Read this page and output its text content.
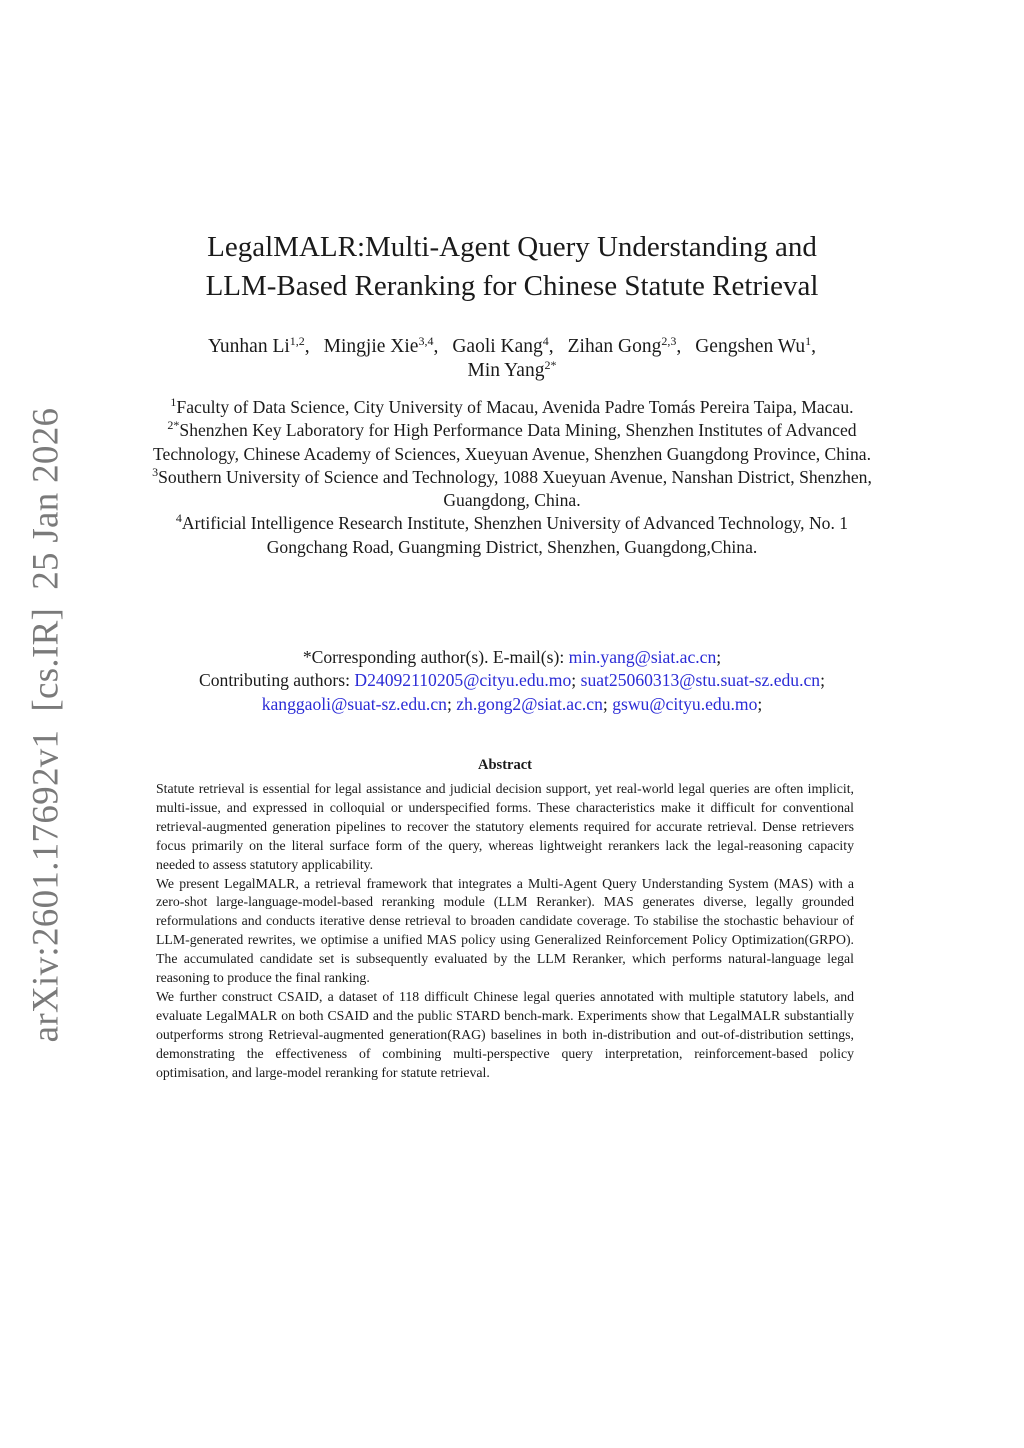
arXiv:2601.17692v1[cs.IR]25 Jan 2026
LegalMALR:Multi-Agent Query Understanding and
LLM-Based Reranking for Chinese Statute Retrieval
Yunhan Li$^{1,2}$, Mingjie Xie$^{3,4}$, Gaoli Kang$^4$, Zihan Gong$^{2,3}$, Gengshen Wu$^1$,
Min Yang$^{2*}$

$^1$Faculty of Data Science, City University of Macau, Avenida Padre Tomás Pereira Taipa, Macau.

$^{2*}$Shenzhen Key Laboratory for High Performance Data Mining, Shenzhen Institutes of Advanced Technology, Chinese Academy of Sciences, Xueyuan Avenue, Shenzhen Guangdong Province, China.

$^3$Southern University of Science and Technology, 1088 Xueyuan Avenue, Nanshan District, Shenzhen, Guangdong, China.

$^4$Artificial Intelligence Research Institute, Shenzhen University of Advanced Technology, No. 1 Gongchang Road, Guangming District, Shenzhen, Guangdong,China.

*Corresponding author(s). E-mail(s): min.yang@siat.ac.cn;
Contributing authors: D24092110205@cityu.edu.mo; suat25060313@stu.suat-sz.edu.cn;
kanggaoli@suat-sz.edu.cn; zh.gong2@siat.ac.cn; gswu@cityu.edu.mo;
Abstract

Statute retrieval is essential for legal assistance and judicial decision support, yet real-world legal queries are often implicit, multi-issue, and expressed in colloquial or underspecified forms. These characteristics make it difficult for conventional retrieval-augmented generation pipelines to recover the statutory elements required for accurate retrieval. Dense retrievers focus primarily on the literal surface form of the query, whereas lightweight rerankers lack the legal-reasoning capacity needed to assess statutory applicability.

We present LegalMALR, a retrieval framework that integrates a Multi-Agent Query Understanding System (MAS) with a zero-shot large-language-model-based reranking module (LLM Reranker). MAS generates diverse, legally grounded reformulations and conducts iterative dense retrieval to broaden candidate coverage. To stabilise the stochastic behaviour of LLM-generated rewrites, we optimise a unified MAS policy using Generalized Reinforcement Policy Optimization(GRPO). The accumulated candidate set is subsequently evaluated by the LLM Reranker, which performs natural-language legal reasoning to produce the final ranking.

We further construct CSAID, a dataset of 118 difficult Chinese legal queries annotated with multiple statutory labels, and evaluate LegalMALR on both CSAID and the public STARD bench-mark. Experiments show that LegalMALR substantially outperforms strong Retrieval-augmented generation(RAG) baselines in both in-distribution and out-of-distribution settings, demonstrating the effectiveness of combining multi-perspective query interpretation, reinforcement-based policy optimisation, and large-model reranking for statute retrieval.
